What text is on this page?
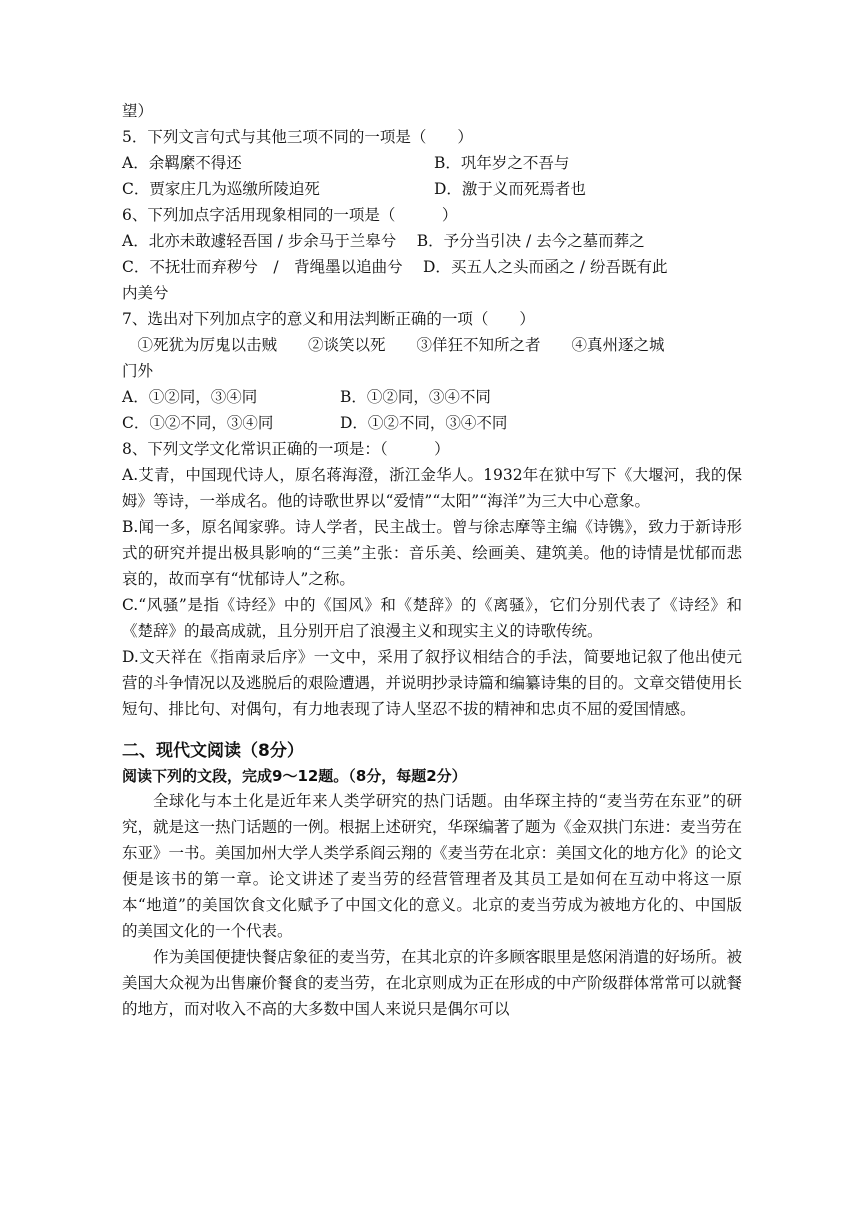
望）
5．下列文言句式与其他三项不同的一项是（　　）
A．余羁縻不得还	B．巩年岁之不吾与
C．贾家庄几为巡缴所陵迫死	D．激于义而死焉者也
6、下列加点字活用现象相同的一项是（　　　）
A．北亦未敢遽轻吾国 / 步余马于兰皋兮　 B．予分当引决 / 去今之墓而葬之
C．不抚壮而弃秽兮　/　背绳墨以追曲兮　 D．买五人之头而函之 / 纷吾既有此
内美兮
7、选出对下列加点字的意义和用法判断正确的一项（　　）
　①死犹为厉鬼以击贼　　②谈笑以死　　③佯狂不知所之者　　④真州逐之城
门外
A．①②同，③④同	B．①②同，③④不同
C．①②不同，③④同	D．①②不同，③④不同
8、下列文学文化常识正确的一项是：（　　　）
A.艾青，中国现代诗人，原名蒋海澄，浙江金华人。1932年在狱中写下《大堰河，我的保姆》等诗，一举成名。他的诗歌世界以“爱情”“太阳”“海洋”为三大中心意象。
B.闻一多，原名闻家骅。诗人学者，民主战士。曾与徐志摩等主编《诗镌》，致力于新诗形式的研究并提出极具影响的“三美”主张：音乐美、绘画美、建筑美。他的诗情是忧郁而悲哀的，故而享有“忧郁诗人”之称。
C.“风骚”是指《诗经》中的《国风》和《楚辞》的《离骚》，它们分别代表了《诗经》和《楚辞》的最高成就，且分别开启了浪漫主义和现实主义的诗歌传统。
D.文天祥在《指南录后序》一文中，采用了叙抒议相结合的手法，简要地记叙了他出使元营的斗争情况以及逃脱后的艰险遭遇，并说明抄录诗篇和编纂诗集的目的。文章交错使用长短句、排比句、对偶句，有力地表现了诗人坚忍不拔的精神和忠贞不屈的爱国情感。
二、现代文阅读（8分）
阅读下列的文段，完成9～12题。（8分，每题2分）
全球化与本土化是近年来人类学研究的热门话题。由华琛主持的“麦当劳在东亚”的研究，就是这一热门话题的一例。根据上述研究，华琛编著了题为《金双拱门东进：麦当劳在东亚》一书。美国加州大学人类学系阎云翔的《麦当劳在北京：美国文化的地方化》的论文便是该书的第一章。论文讲述了麦当劳的经营管理者及其员工是如何在互动中将这一原本“地道”的美国饮食文化赋予了中国文化的意义。北京的麦当劳成为被地方化的、中国版的美国文化的一个代表。
作为美国便捷快餐店象征的麦当劳，在其北京的许多顾客眼里是悠闲消遣的好场所。被美国大众视为出售廉价餐食的麦当劳，在北京则成为正在形成的中产阶级群体常常可以就餐的地方，而对收入不高的大多数中国人来说只是偶尔可以
